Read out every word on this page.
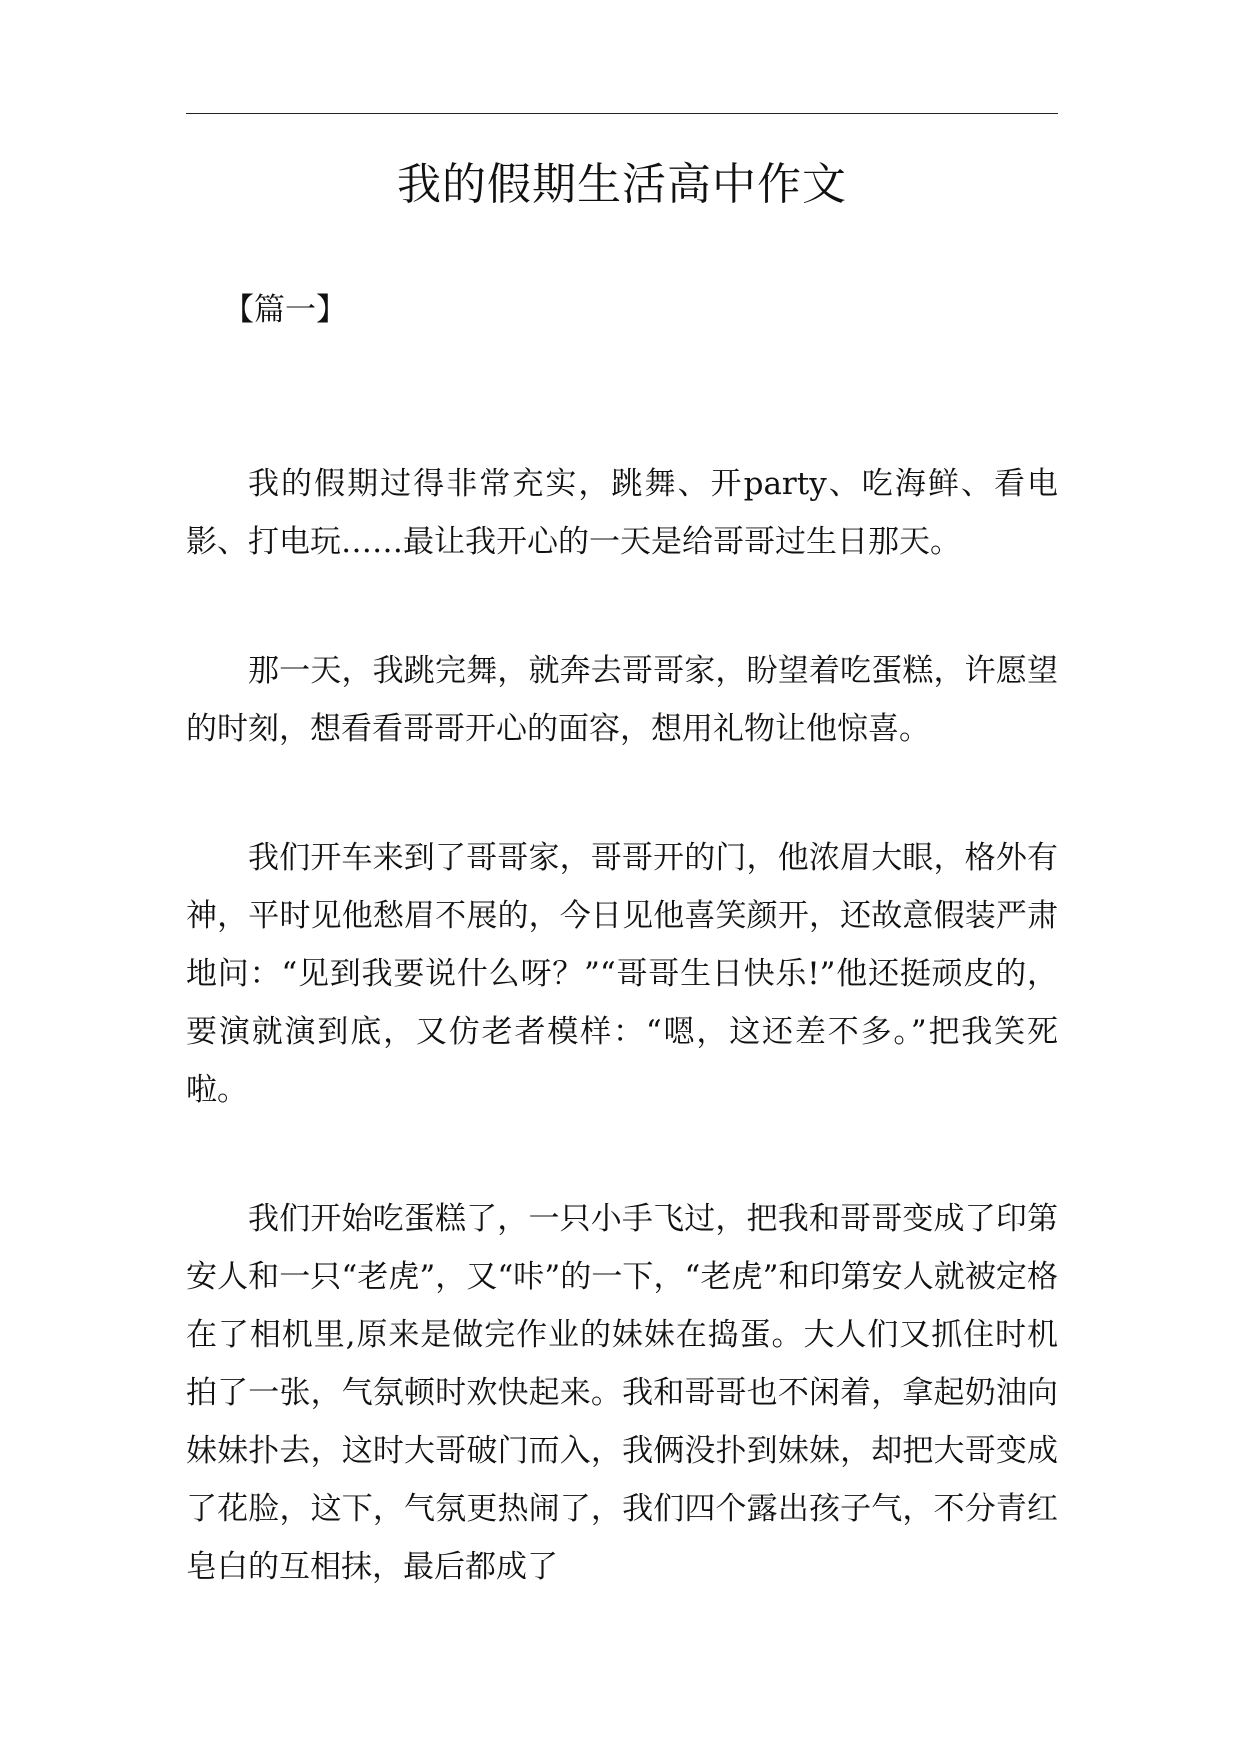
我的假期生活高中作文
【篇一】

我的假期过得非常充实，跳舞、开party、吃海鲜、看电影、打电玩……最让我开心的一天是给哥哥过生日那天。

那一天，我跳完舞，就奔去哥哥家，盼望着吃蛋糕，许愿望的时刻，想看看哥哥开心的面容，想用礼物让他惊喜。

我们开车来到了哥哥家，哥哥开的门，他浓眉大眼，格外有神，平时见他愁眉不展的，今日见他喜笑颜开，还故意假装严肃地问：“见到我要说什么呀？”“哥哥生日快乐!”他还挺顽皮的，要演就演到底，又仿老者模样：“嗯，这还差不多。”把我笑死啦。

我们开始吃蛋糕了，一只小手飞过，把我和哥哥变成了印第安人和一只“老虎”，又“咔”的一下，“老虎”和印第安人就被定格在了相机里,原来是做完作业的妹妹在捣蛋。大人们又抓住时机拍了一张，气氛顿时欢快起来。我和哥哥也不闲着，拿起奶油向妹妹扑去，这时大哥破门而入，我俩没扑到妹妹，却把大哥变成了花脸，这下，气氛更热闹了，我们四个露出孩子气，不分青红皂白的互相抹，最后都成了
